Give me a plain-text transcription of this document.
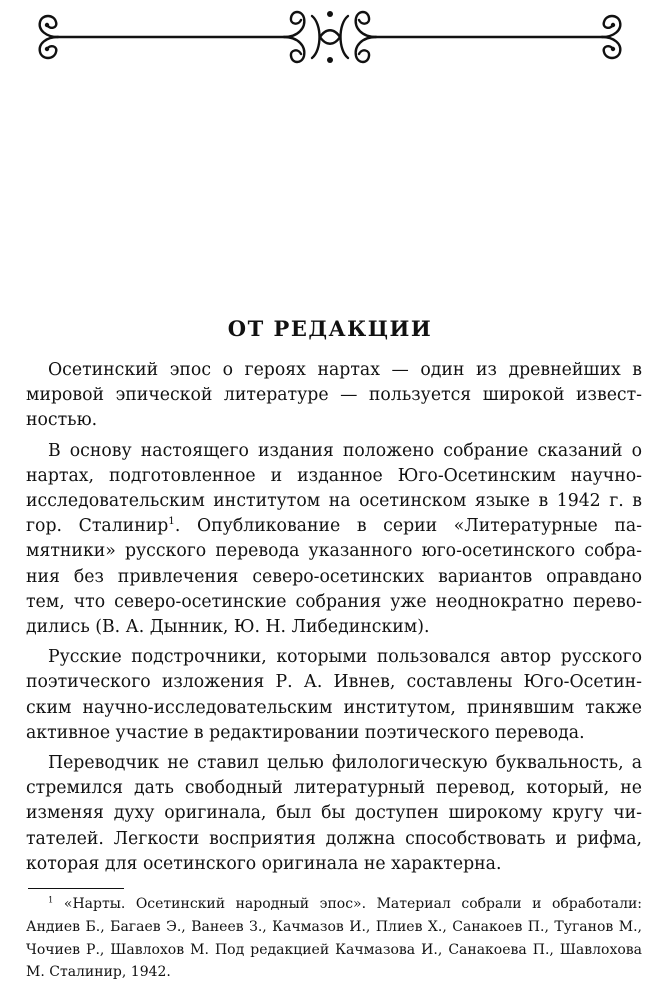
ОТ РЕДАКЦИИ

Осетинский эпос о героях нартах — один из древнейших в мировой эпической литературе — пользуется широкой известностью.

В основу настоящего издания положено собрание сказаний о нартах, подготовленное и изданное Юго-Осетинским научно-исследовательским институтом на осетинском языке в 1942 г. в гор. Сталинир$^1$. Опубликование в серии «Литературные памятники» русского перевода указанного юго-осетинского собрания без привлечения северо-осетинских вариантов оправдано тем, что северо-осетинские собрания уже неоднократно переводились (В. А. Дынник, Ю. Н. Либединским).

Русские подстрочники, которыми пользовался автор русского поэтического изложения Р. А. Ивнев, составлены Юго-Осетинским научно-исследовательским институтом, принявшим также активное участие в редактировании поэтического перевода.

Переводчик не ставил целью филологическую буквальность, а стремился дать свободный литературный перевод, который, не изменяя духу оригинала, был бы доступен широкому кругу читателей. Легкости восприятия должна способствовать и рифма, которая для осетинского оригинала не характерна.

$^1$ «Нарты. Осетинский народный эпос». Материал собрали и обработали: Андиев Б., Багаев Э., Ванеев З., Качмазов И., Плиев Х., Санакоев П., Туганов М., Чочиев Р., Шавлохов М. Под редакцией Качмазова И., Санакоева П., Шавлохова М. Сталинир, 1942.
